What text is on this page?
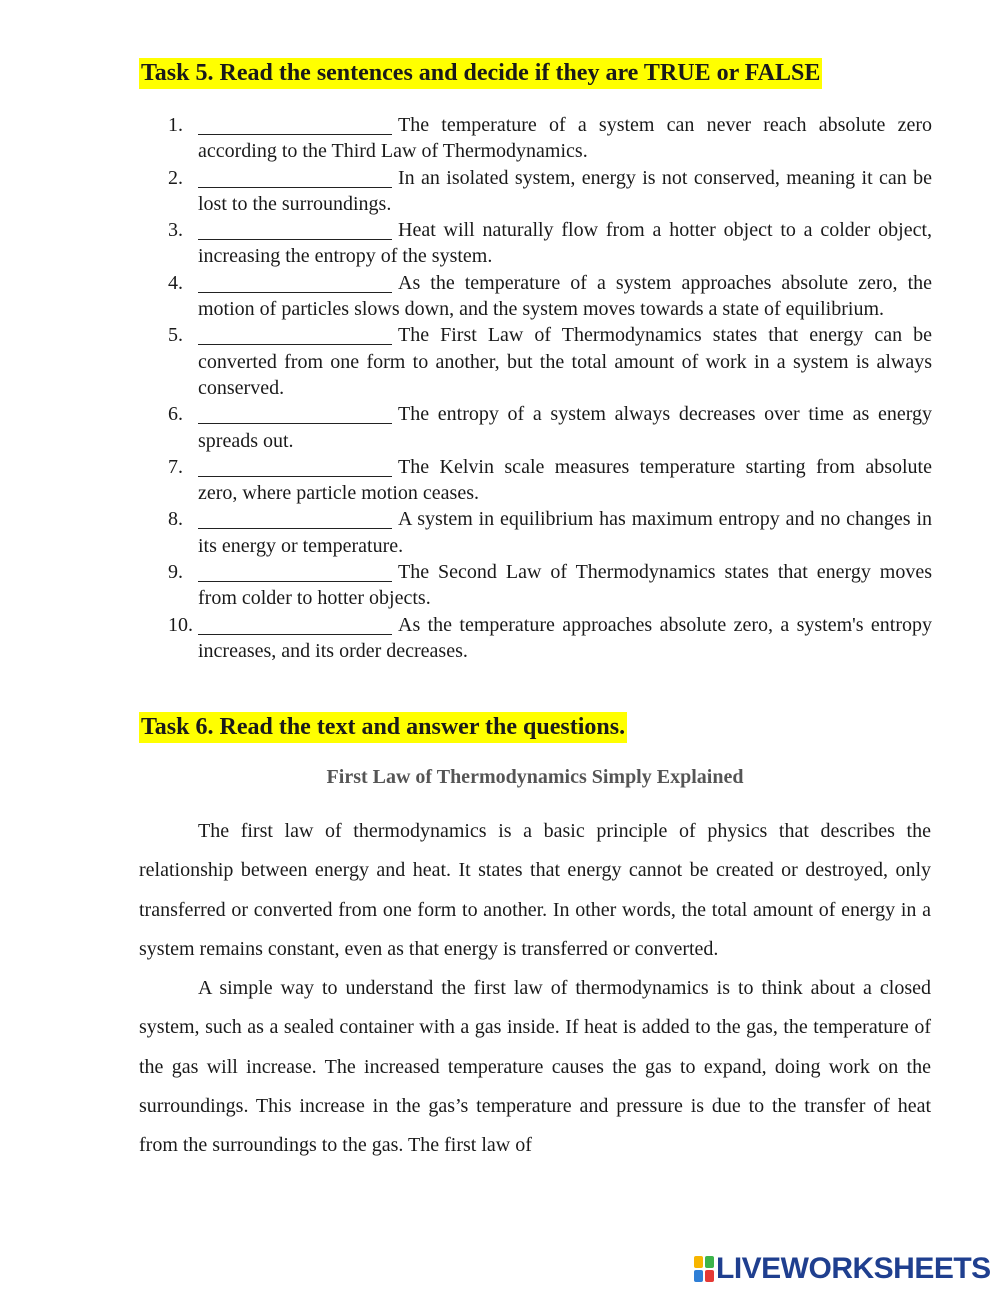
Task 5. Read the sentences and decide if they are TRUE or FALSE
1.	The temperature of a system can never reach absolute zero according to the Third Law of Thermodynamics.
2.	In an isolated system, energy is not conserved, meaning it can be lost to the surroundings.
3.	Heat will naturally flow from a hotter object to a colder object, increasing the entropy of the system.
4.	As the temperature of a system approaches absolute zero, the motion of particles slows down, and the system moves towards a state of equilibrium.
5.	The First Law of Thermodynamics states that energy can be converted from one form to another, but the total amount of work in a system is always conserved.
6.	The entropy of a system always decreases over time as energy spreads out.
7.	The Kelvin scale measures temperature starting from absolute zero, where particle motion ceases.
8.	A system in equilibrium has maximum entropy and no changes in its energy or temperature.
9.	The Second Law of Thermodynamics states that energy moves from colder to hotter objects.
10.	As the temperature approaches absolute zero, a system's entropy increases, and its order decreases.
Task 6. Read the text and answer the questions.
First Law of Thermodynamics Simply Explained

The first law of thermodynamics is a basic principle of physics that describes the relationship between energy and heat. It states that energy cannot be created or destroyed, only transferred or converted from one form to another. In other words, the total amount of energy in a system remains constant, even as that energy is transferred or converted.

A simple way to understand the first law of thermodynamics is to think about a closed system, such as a sealed container with a gas inside. If heat is added to the gas, the temperature of the gas will increase. The increased temperature causes the gas to expand, doing work on the surroundings. This increase in the gas’s temperature and pressure is due to the transfer of heat from the surroundings to the gas. The first law of

LIVEWORKSHEETS
